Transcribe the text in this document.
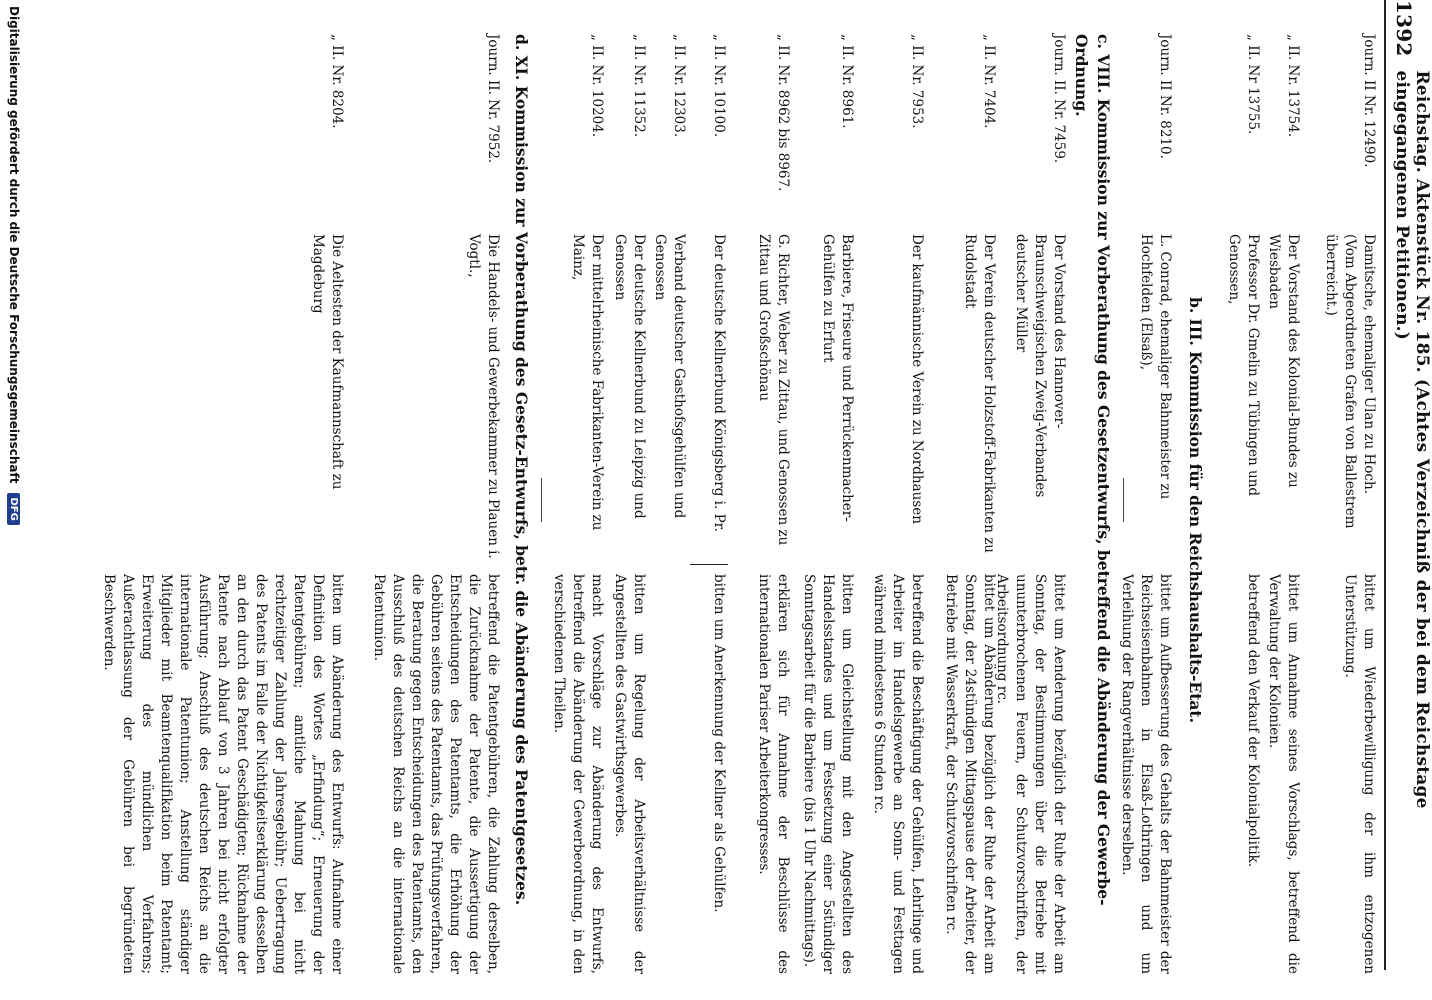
1392
Reichstag. Aktenstück Nr. 185. (Achtes Verzeichniß der bei dem Reichstage eingegangenen Petitionen.)
Journ. II Nr. 12490.
Damitsche, ehemaliger Ulan zu Hoch.
(Vom Abgeordneten Grafen von Ballestrem überreicht.)
bittet um Wiederbewilligung der ihm entzogenen Unterstützung.
„ II. Nr. 13754.
Der Vorstand des Kolonial-Bundes zu Wiesbaden
bittet um Annahme seines Vorschlags, betreffend die Verwaltung der Kolonien.
„ II. Nr 13755.
Professor Dr. Gmelin zu Tübingen und Genossen,
betreffend den Verkauf der Kolonialpolitik.
b. III. Kommission für den Reichshaushalts-Etat.
Journ. II Nr. 8210.
L. Conrad, ehemaliger Bahnmeister zu Hochfelden (Elsaß),
bittet um Aufbesserung des Gehalts der Bahnmeister der Reichseisenbahnen in Elsaß-Lothringen und um Verleihung der Rangverhältnisse derselben.
c. VIII. Kommission zur Vorberathung des Gesetzentwurfs, betreffend die Abänderung der Gewerbe-Ordnung.
Journ. II. Nr. 7459.
Der Vorstand des Hannover-Braunschweigischen Zweig-Verbandes deutscher Müller
bittet um Aenderung bezüglich der Ruhe der Arbeit am Sonntag, der Bestimmungen über die Betriebe mit ununterbrochenen Feuern, der Schutzvorschriften, der Arbeitsordnung rc.
„ II. Nr. 7404.
Der Verein deutscher Holzstoff-Fabrikanten zu Rudolstadt
bittet um Abänderung bezüglich der Ruhe der Arbeit am Sonntag, der 24stündigen Mittagspause der Arbeiter, der Betriebe mit Wasserkraft, der Schutzvorschriften rc.
„ II. Nr. 7953.
Der kaufmännische Verein zu Nordhausen
betreffend die Beschäftigung der Gehülfen, Lehrlinge und Arbeiter im Handelsgewerbe an Sonn- und Festtagen während mindestens 6 Stunden rc.
„ II. Nr. 8961.
Barbiere, Friseure und Perrückenmacher-Gehülfen zu Erfurt
bitten um Gleichstellung mit den Angestellten des Handelsstandes und um Festsetzung einer 5stündiger Sonntagsarbeit für die Barbiere (bis 1 Uhr Nachmittags).
„ II. Nr. 8962 bis 8967.
G. Richter, Weber zu Zittau, und Genossen zu Zittau und Großschönau
erklären sich für Annahme der Beschlüsse des internationalen Pariser Arbeiterkongresses.
„ II. Nr. 10100.
Der deutsche Kellnerbund Königsberg i. Pr.
bitten um Anerkennung der Kellner als Gehülfen.
„ II. Nr. 12303.
Verband deutscher Gasthofsgehülfen und Genossen
„ II. Nr. 11352.
Der deutsche Kellnerbund zu Leipzig und Genossen
bitten um Regelung der Arbeitsverhältnisse der Angestellten des Gastwirthsgewerbes.
„ II. Nr. 10204.
Der mittelrheinische Fabrikanten-Verein zu Mainz,
macht Vorschläge zur Abänderung des Entwurfs, betreffend die Abänderung der Gewerbeordnung, in den verschiedenen Theilen.
d. XI. Kommission zur Vorberathung des Gesetz-Entwurfs, betr. die Abänderung des Patentgesetzes.
Journ. II. Nr. 7952.
Die Handels- und Gewerbekammer zu Plauen i. Vogtl.,
betreffend die Patentgebühren, die Zahlung derselben, die Zurücknahme der Patente, die Aussertigung der Entscheidungen des Patentamts, die Erhöhung der Gebühren seitens des Patentamts, das Prüfungsverfahren, die Beratung gegen Entscheidungen des Patentamts, den Ausschluß des deutschen Reichs an die internationale Patentunion.
„ II. Nr. 8204.
Die Aeltesten der Kaufmannschaft zu Magdeburg
bitten um Abänderung des Entwurfs: Aufnahme einer Definition des Wortes „Erfindung“; Erneuerung der Patentgebühren; amtliche Mahnung bei nicht rechtzeitiger Zahlung der Jahresgebühr; Uebertragung des Patents im Falle der Nichtigkeitserklärung desselben an den durch das Patent Geschädigten; Rücknahme der Patente nach Ablauf von 3 Jahren bei nicht erfolgter Ausführung; Anschluß des deutschen Reichs an die internationale Patentunion; Anstellung ständiger Mitglieder mit Beamtenqualifikation beim Patentamt; Erweiterung des mündlichen Verfahrens; Außerachtlassung der Gebühren bei begründeten Beschwerden.
Digitalisierung gefördert durch die Deutsche Forschungsgemeinschaft
DFG
